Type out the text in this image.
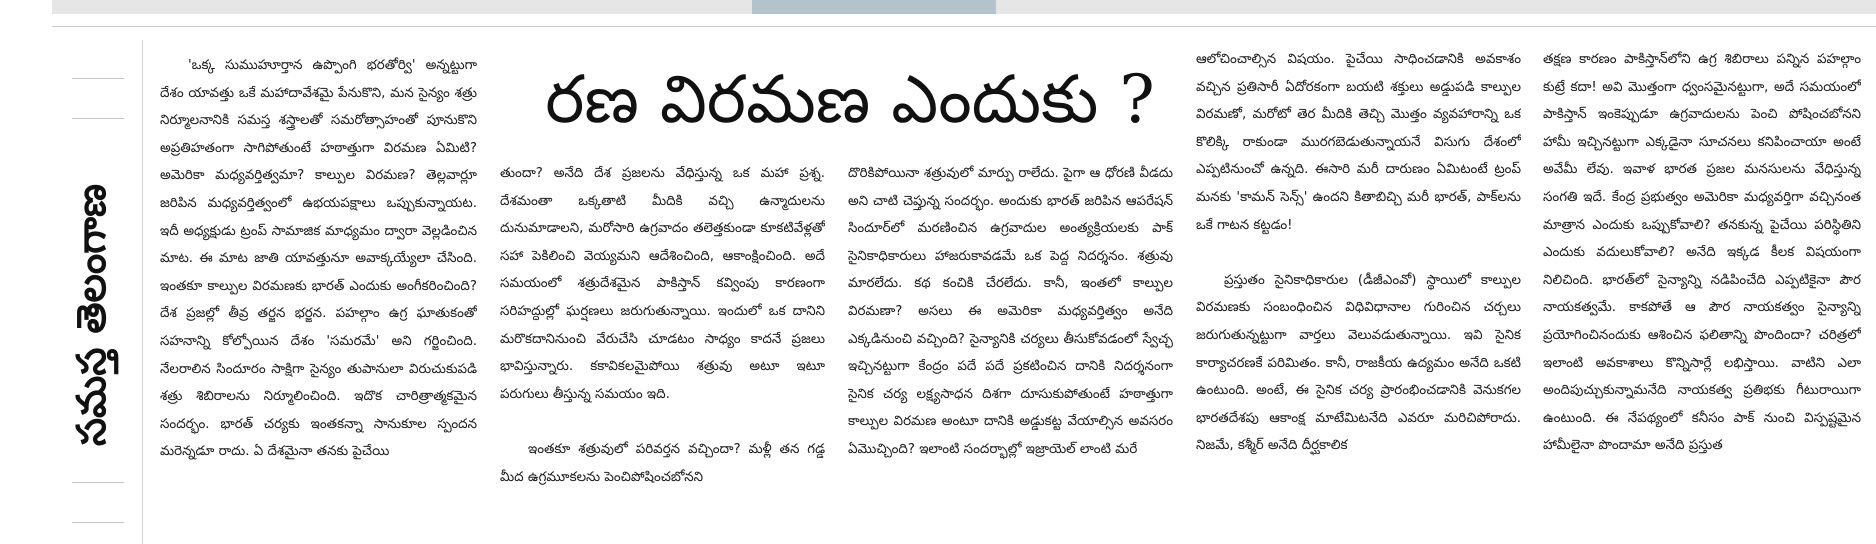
సమస్త తెలంగాణ
రణ విరమణ ఎందుకు ?

'ఒక్క సుముహూర్తాన ఉప్పొంగి భరతోర్వి' అన్నట్టుగా దేశం యావత్తు ఒకే మహాదావేశమై పేనుకొని, మన సైన్యం శత్రు నిర్మూలనానికి సమస్త శస్త్రాలతో సమరోత్సాహంతో పూనుకొని అప్రతిహతంగా సాగిపోతుంటే హఠాత్తుగా విరమణ ఏమిటి? అమెరికా మధ్యవర్తిత్వమా? కాల్పుల విరమణ? తెల్లవార్లూ జరిపిన మధ్యవర్తిత్వంలో ఉభయపక్షాలు ఒప్పుకున్నాయట. ఇదీ అధ్యక్షుడు ట్రంప్ సామాజిక మాధ్యమం ద్వారా వెల్లడించిన మాట. ఈ మాట జాతి యావత్తునూ అవాక్కయ్యేలా చేసింది. ఇంతకూ కాల్పుల విరమణకు భారత్ ఎందుకు అంగీకరించింది? దేశ ప్రజల్లో తీవ్ర తర్జన భర్జన. పహల్గాం ఉగ్ర ఘాతుకంతో సహనాన్ని కోల్పోయిన దేశం 'సమరమే' అని గర్జించింది. నేలరాలిన సిందూరం సాక్షిగా సైన్యం తుపానులా విరుచుకుపడి శత్రు శిబిరాలను నిర్మూలించింది. ఇదొక చారిత్రాత్మకమైన సందర్భం. భారత్ చర్యకు ఇంతకన్నా సానుకూల స్పందన మరెన్నడూ రాదు. ఏ దేశమైనా తనకు పైచేయి

తుందా? అనేది దేశ ప్రజలను వేధిస్తున్న ఒక మహా ప్రశ్న. దేశమంతా ఒక్కతాటి మీదికి వచ్చి ఉన్మాదులను దునుమాడాలని, మరోసారి ఉగ్రవాదం తలెత్తకుండా కూకటివేళ్లతో సహా పెకిలించి వెయ్యమని ఆదేశించింది, ఆకాంక్షించింది. అదే సమయంలో శత్రుదేశమైన పాకిస్తాన్ కవ్వింపు కారణంగా సరిహద్దుల్లో ఘర్షణలు జరుగుతున్నాయి. ఇందులో ఒక దానిని మరొకదానినుంచి వేరుచేసి చూడటం సాధ్యం కాదనే ప్రజలు భావిస్తున్నారు. కకావికలమైపోయి శత్రువు అటూ ఇటూ పరుగులు తీస్తున్న సమయం ఇది.

ఇంతకూ శత్రువులో పరివర్తన వచ్చిందా? మళ్లీ తన గడ్డ మీద ఉగ్రమూకలను పెంచిపోషించబోనని

దొరికిపోయినా శత్రువులో మార్పు రాలేదు. పైగా ఆ ధోరణి వీడదు అని చాటి చెప్తున్న సందర్భం. అందుకు భారత్ జరిపిన ఆపరేషన్ సిందూర్‌లో మరణించిన ఉగ్రవాదుల అంత్యక్రియలకు పాక్ సైనికాధికారులు హాజరుకావడమే ఒక పెద్ద నిదర్శనం. శత్రువు మారలేదు. కథ కంచికి చేరలేదు. కానీ, ఇంతలో కాల్పుల విరమణా? అసలు ఈ అమెరికా మధ్యవర్తిత్వం అనేది ఎక్కడినుంచి వచ్చింది? సైన్యానికి చర్యలు తీసుకోవడంలో స్వేచ్ఛ ఇచ్చినట్టుగా కేంద్రం పదే పదే ప్రకటించిన దానికి నిదర్శనంగా సైనిక చర్య లక్ష్యసాధన దిశగా దూసుకుపోతుంటే హఠాత్తుగా కాల్పుల విరమణ అంటూ దానికి అడ్డుకట్ట వేయాల్సిన అవసరం ఏమొచ్చింది? ఇలాంటి సందర్భాల్లో ఇజ్రాయెల్ లాంటి మరే

ఆలోచించాల్సిన విషయం. పైచేయి సాధించడానికి అవకాశం వచ్చిన ప్రతిసారీ ఏదోరకంగా బయటి శక్తులు అడ్డుపడి కాల్పుల విరమణో, మరోటో తెర మీదికి తెచ్చి మొత్తం వ్యవహారాన్ని ఒక కొలిక్కి రాకుండా మురగబెడుతున్నాయనే విసుగు దేశంలో ఎప్పటినుంచో ఉన్నది. ఈసారి మరీ దారుణం ఏమిటంటే ట్రంప్ మనకు 'కామన్ సెన్స్' ఉందని కితాబిచ్చి మరీ భారత్, పాక్‌లను ఒకే గాటన కట్టడం!

ప్రస్తుతం సైనికాధికారుల (డీజీఎంవో) స్థాయిలో కాల్పుల విరమణకు సంబంధించిన విధివిధానాల గురించిన చర్చలు జరుగుతున్నట్టుగా వార్తలు వెలువడుతున్నాయి. ఇవి సైనిక కార్యాచరణకే పరిమితం. కానీ, రాజకీయ ఉద్యమం అనేది ఒకటి ఉంటుంది. అంటే, ఈ సైనిక చర్య ప్రారంభించడానికి వెనుకగల భారతదేశపు ఆకాంక్ష మాటేమిటనేది ఎవరూ మరిచిపోరాదు. నిజమే, కశ్మీర్ అనేది దీర్ఘకాలిక

తక్షణ కారణం పాకిస్తాన్‌లోని ఉగ్ర శిబిరాలు పన్నిన పహల్గాం కుట్రే కదా! అవి మొత్తంగా ధ్వంసమైనట్టుగా, అదే సమయంలో పాకిస్తాన్ ఇంకెప్పుడూ ఉగ్రవాదులను పెంచి పోషించబోనని హామీ ఇచ్చినట్టుగా ఎక్కడైనా సూచనలు కనిపించాయా అంటే అవేమీ లేవు. ఇవాళ భారత ప్రజల మనసులను వేధిస్తున్న సంగతి ఇదే. కేంద్ర ప్రభుత్వం అమెరికా మధ్యవర్తిగా వచ్చినంత మాత్రాన ఎందుకు ఒప్పుకోవాలి? తనకున్న పైచేయి పరిస్థితిని ఎందుకు వదులుకోవాలి? అనేది ఇక్కడ కీలక విషయంగా నిలిచింది. భారత్‌లో సైన్యాన్ని నడిపించేది ఎప్పటికైనా పౌర నాయకత్వమే. కాకపోతే ఆ పౌర నాయకత్వం సైన్యాన్ని ప్రయోగించినందుకు ఆశించిన ఫలితాన్ని పొందిందా? చరిత్రలో ఇలాంటి అవకాశాలు కొన్నిసార్లే లభిస్తాయి. వాటిని ఎలా అందిపుచ్చుకున్నామనేది నాయకత్వ ప్రతిభకు గీటురాయిగా ఉంటుంది. ఈ నేపథ్యంలో కనీసం పాక్ నుంచి విస్పష్టమైన హామీలైనా పొందామా అనేది ప్రస్తుత
